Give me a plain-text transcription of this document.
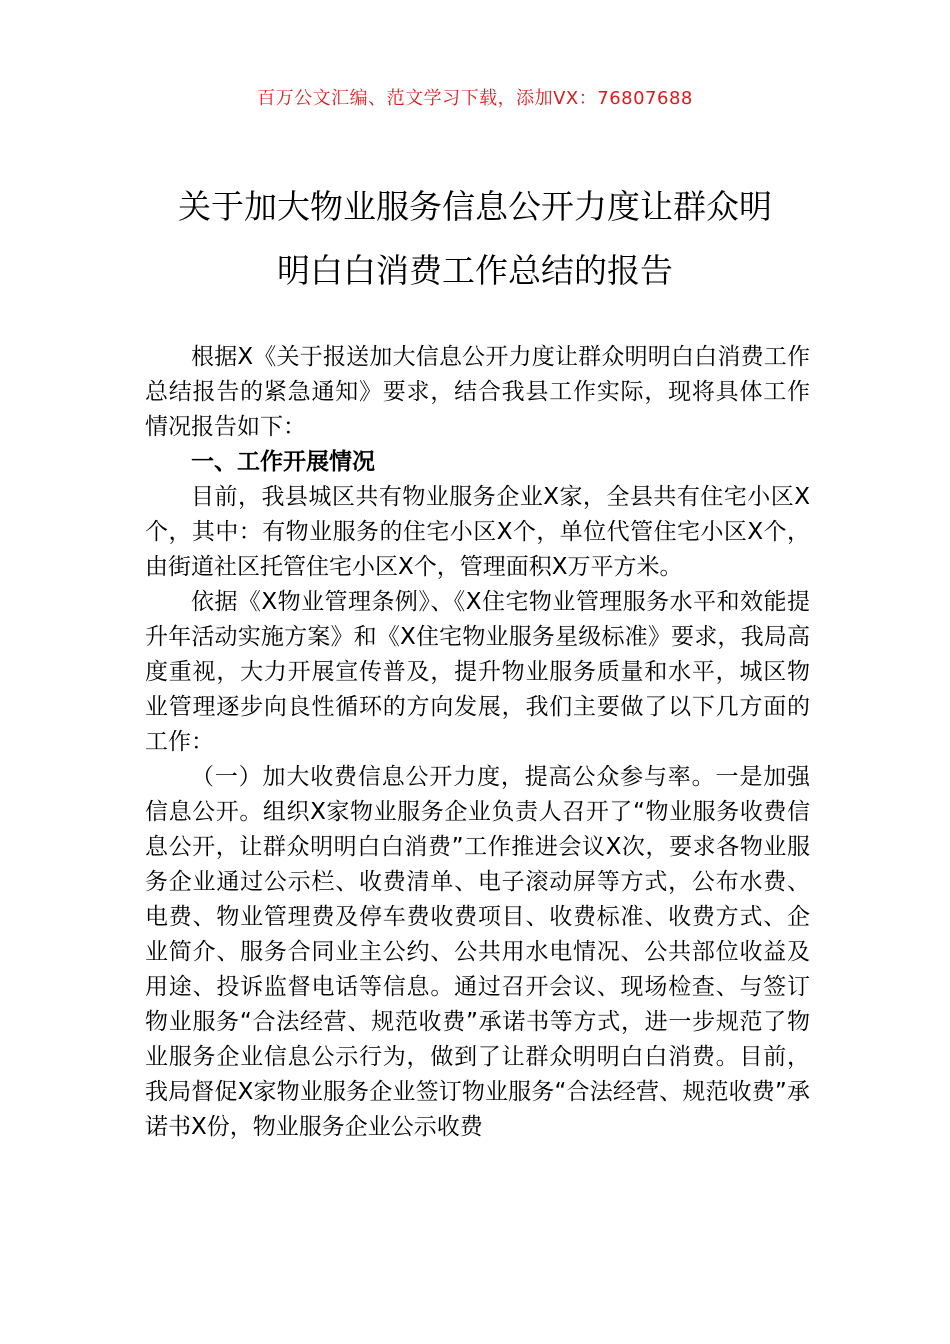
百万公文汇编、范文学习下载，添加VX：76807688
关于加大物业服务信息公开力度让群众明
明白白消费工作总结的报告

根据X《关于报送加大信息公开力度让群众明明白白消费工作总结报告的紧急通知》要求，结合我县工作实际，现将具体工作情况报告如下：

一、工作开展情况

目前，我县城区共有物业服务企业X家，全县共有住宅小区X个，其中：有物业服务的住宅小区X个，单位代管住宅小区X个，由街道社区托管住宅小区X个，管理面积X万平方米。

依据《X物业管理条例》、《X住宅物业管理服务水平和效能提升年活动实施方案》和《X住宅物业服务星级标准》要求，我局高度重视，大力开展宣传普及，提升物业服务质量和水平，城区物业管理逐步向良性循环的方向发展，我们主要做了以下几方面的工作：

（一）加大收费信息公开力度，提高公众参与率。一是加强信息公开。组织X家物业服务企业负责人召开了“物业服务收费信息公开，让群众明明白白消费”工作推进会议X次，要求各物业服务企业通过公示栏、收费清单、电子滚动屏等方式，公布水费、电费、物业管理费及停车费收费项目、收费标准、收费方式、企业简介、服务合同业主公约、公共用水电情况、公共部位收益及用途、投诉监督电话等信息。通过召开会议、现场检查、与签订物业服务“合法经营、规范收费”承诺书等方式，进一步规范了物业服务企业信息公示行为，做到了让群众明明白白消费。目前，我局督促X家物业服务企业签订物业服务“合法经营、规范收费”承诺书X份，物业服务企业公示收费
